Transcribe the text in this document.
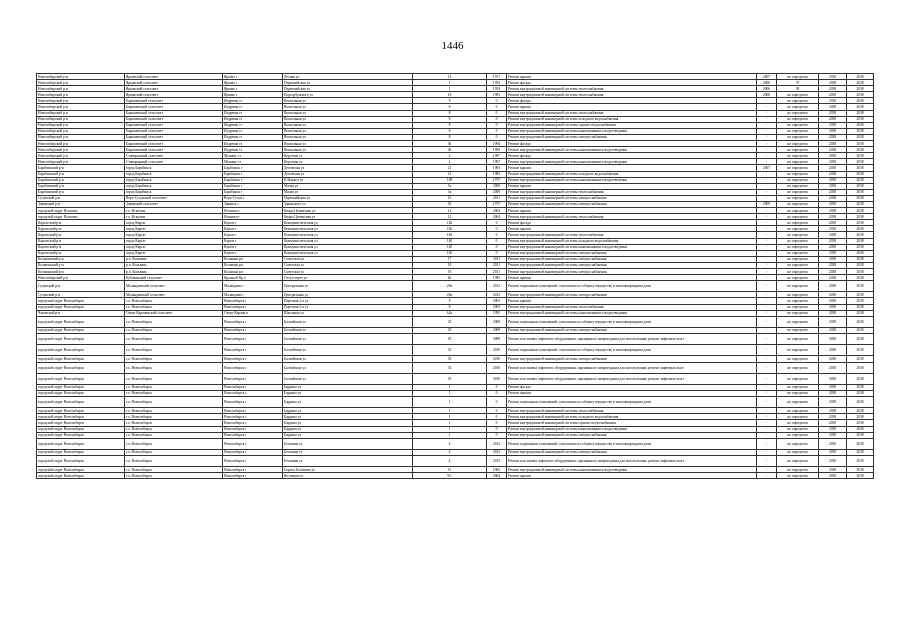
1446
Новосибирский р-н	Ярковский сельсовет	Ярково с	Лесная ул	14	1971	Ремонт крыши	2007	не определен	2038	2038
Новосибирский р-н	Ярковский сельсовет	Ярково с	Первомайская ул	1	1954	Ремонт фасада	2008	70	2038	2038
Новосибирский р-н	Ярковский сельсовет	Ярково с	Первомайская ул	1	1954	Ремонт внутридомовой инженерной системы теплоснабжения	2006	30	2038	2038
Новосибирский р-н	Ярковский сельсовет	Ярково с	Подгорбунского ул	10	1981	Ремонт внутридомовой инженерной системы теплоснабжения	2006	не определен	2038	2038
Новосибирский р-н	Барышевский сельсовет	Издревая ст	Вокзальная ул	8	0	Ремонт фасада	-	не определен	2038	2038
Новосибирский р-н	Барышевский сельсовет	Издревая ст	Вокзальная ул	8	0	Ремонт крыши	-	не определен	2038	2038
Новосибирский р-н	Барышевский сельсовет	Издревая ст	Вокзальная ул	8	0	Ремонт внутридомовой инженерной системы теплоснабжения	-	не определен	2038	2038
Новосибирский р-н	Барышевский сельсовет	Издревая ст	Вокзальная ул	8	0	Ремонт внутридомовой инженерной системы холодного водоснабжения	-	не определен	2038	2038
Новосибирский р-н	Барышевский сельсовет	Издревая ст	Вокзальная ул	8	0	Ремонт внутридомовой инженерной системы горячего водоснабжения	-	не определен	2038	2038
Новосибирский р-н	Барышевский сельсовет	Издревая ст	Вокзальная ул	8	0	Ремонт внутридомовой инженерной системы канализования и водоотведения	-	не определен	2038	2038
Новосибирский р-н	Барышевский сельсовет	Издревая ст	Вокзальная ул	8	0	Ремонт внутридомовой инженерной системы электроснабжения	-	не определен	2038	2038
Новосибирский р-н	Барышевский сельсовет	Издревая ст	Вокзальная ул	36	1994	Ремонт фасада	-	не определен	2038	2038
Новосибирский р-н	Барышевский сельсовет	Издревая ст	Вокзальная ул	36	1994	Ремонт внутридомовой инженерной системы канализования и водоотведения	-	не определен	2038	2038
Новосибирский р-н	Станционный сельсовет	Мочище ст	Короткая ул	2	1997	Ремонт фасада	-	не определен	2038	2038
Новосибирский р-н	Станционный сельсовет	Мочище ст	Короткая ул	2	1997	Ремонт внутридомовой инженерной системы канализования и водоотведения	-	не определен	2038	2038
Барабинский р-н	город Барабинск	Барабинск г	Деповская ул	21	1983	Ремонт крыши	2007	не определен	2038	2038
Барабинский р-н	город Барабинск	Барабинск г	Деповская ул	21	1983	Ремонт внутридомовой инженерной системы холодного водоснабжения	-	не определен	2038	2038
Барабинский р-н	город Барабинск	Барабинск г	К.Маркса ул	108	1975	Ремонт внутридомовой инженерной системы канализования и водоотведения	-	не определен	2038	2038
Барабинский р-н	город Барабинск	Барабинск г	Малая ул	3а	2000	Ремонт крыши	-	не определен	2038	2038
Барабинский р-н	город Барабинск	Барабинск г	Малая ул	3а	2000	Ремонт внутридомовой инженерной системы теплоснабжения	-	не определен	2038	2038
Сузунский р-н	Верх-Сузунский сельсовет	Верх-Сузун с	Первомайская ул	15	2011	Ремонт внутридомовой инженерной системы электроснабжения	-	не определен	2038	2038
Здвинский р-н	Здвинский сельсовет	Здвинск с	Здвинского ул	45	1975	Ремонт внутридомовой инженерной системы электроснабжения	2009	не определен	2038	2038
городской округ Искитим	г.о. Искитим	Искитим г	Кварц Цементная ул	12	2004	Ремонт крыши	-	не определен	2038	2038
городской округ Искитим	г.о. Искитим	Искитим г	Кварц Цементная ул	12	2004	Ремонт внутридомовой инженерной системы теплоснабжения	-	не определен	2038	2038
Каргатский р-н	город Каргат	Каргат г	Коммунистическая ул	140	0	Ремонт фасада	-	не определен	2038	2038
Каргатский р-н	город Каргат	Каргат г	Коммунистическая ул	140	0	Ремонт крыши	-	не определен	2038	2038
Каргатский р-н	город Каргат	Каргат г	Коммунистическая ул	140	0	Ремонт внутридомовой инженерной системы теплоснабжения	-	не определен	2038	2038
Каргатский р-н	город Каргат	Каргат г	Коммунистическая ул	140	0	Ремонт внутридомовой инженерной системы холодного водоснабжения	-	не определен	2038	2038
Каргатский р-н	город Каргат	Каргат г	Коммунистическая ул	140	0	Ремонт внутридомовой инженерной системы канализования и водоотведения	-	не определен	2038	2038
Каргатский р-н	город Каргат	Каргат г	Коммунистическая ул	140	0	Ремонт внутридомовой инженерной системы электроснабжения	-	не определен	2038	2038
Кольванский р-н	р.п. Кольвань	Кольвань рп	Советская ул	17	2011	Ремонт внутридомовой инженерной системы электроснабжения	-	не определен	2038	2038
Кольванский р-н	р.п. Кольвань	Кольвань рп	Советская ул	18	2011	Ремонт внутридомовой инженерной системы электроснабжения	-	не определен	2038	2038
Кольванский р-н	р.п. Кольвань	Кольвань рп	Советская ул	19	2011	Ремонт внутридомовой инженерной системы электроснабжения	-	не определен	2038	2038
Новосибирский р-н	Кубовинский сельсовет	Красный Яр п	Отсутствует ул	40	1985	Ремонт крыши	-	не определен	2038	2038
Сузунский р-н	Маландинский сельсовет	Маландино с	Центральная ул	20а	2012	Ремонт подвальных помещений, относящихся к общему имуществу в многоквартирном доме	-	не определен	2038	2038
Сузунский р-н	Маландинский сельсовет	Маландино с	Центральная ул	20а	2012	Ремонт внутридомовой инженерной системы электроснабжения	-	не определен	2038	2038
городской округ Новосибирск	г.о. Новосибирск	Новосибирск г	Портовая 2-я ул	8	2003	Ремонт крыши	-	не определен	2038	2038
городской округ Новосибирск	г.о. Новосибирск	Новосибирск г	Портовая 2-я ул	8	2003	Ремонт внутридомовой инженерной системы теплоснабжения	-	не определен	2038	2038
Чановский р-н	Озеро-Карачинский сельсовет	Озеро-Карачи п	Школьная ул	62а	1995	Ремонт внутридомовой инженерной системы канализования и водоотведения	-	не определен	2038	2038
городской округ Новосибирск	г.о. Новосибирск	Новосибирск г	Балтийская ул	25	2009	Ремонт подвальных помещений, относящихся к общему имуществу в многоквартирном доме	-	не определен	2038	2038
городской округ Новосибирск	г.о. Новосибирск	Новосибирск г	Балтийская ул	25	2009	Ремонт внутридомовой инженерной системы электроснабжения	-	не определен	2038	2038
городской округ Новосибирск	г.о. Новосибирск	Новосибирск г	Балтийская ул	25	2009	Ремонт или замена лифтового оборудования, признанного непригодным для эксплуатации, ремонт лифтовых шахт	-	не определен	2038	2038
городской округ Новосибирск	г.о. Новосибирск	Новосибирск г	Балтийская ул	33	2010	Ремонт подвальных помещений, относящихся к общему имуществу в многоквартирном доме	-	не определен	2038	2038
городской округ Новосибирск	г.о. Новосибирск	Новосибирск г	Балтийская ул	33	2010	Ремонт внутридомовой инженерной системы электроснабжения	-	не определен	2038	2038
городской округ Новосибирск	г.о. Новосибирск	Новосибирск г	Балтийская ул	33	2010	Ремонт или замена лифтового оборудования, признанного непригодным для эксплуатации, ремонт лифтовых шахт	-	не определен	2038	2038
городской округ Новосибирск	г.о. Новосибирск	Новосибирск г	Балтийская ул	35	2010	Ремонт или замена лифтового оборудования, признанного непригодным для эксплуатации, ремонт лифтовых шахт	-	не определен	2038	2038
городской округ Новосибирск	г.о. Новосибирск	Новосибирск г	Бардина ул	1	0	Ремонт фасада	-	не определен	2038	2038
городской округ Новосибирск	г.о. Новосибирск	Новосибирск г	Бардина ул	1	0	Ремонт крыши	-	не определен	2038	2038
городской округ Новосибирск	г.о. Новосибирск	Новосибирск г	Бардина ул	1	0	Ремонт подвальных помещений, относящихся к общему имуществу в многоквартирном доме	-	не определен	2038	2038
городской округ Новосибирск	г.о. Новосибирск	Новосибирск г	Бардина ул	1	0	Ремонт внутридомовой инженерной системы теплоснабжения	-	не определен	2038	2038
городской округ Новосибирск	г.о. Новосибирск	Новосибирск г	Бардина ул	1	0	Ремонт внутридомовой инженерной системы холодного водоснабжения	-	не определен	2038	2038
городской округ Новосибирск	г.о. Новосибирск	Новосибирск г	Бардина ул	1	0	Ремонт внутридомовой инженерной системы горячего водоснабжения	-	не определен	2038	2038
городской округ Новосибирск	г.о. Новосибирск	Новосибирск г	Бардина ул	1	0	Ремонт внутридомовой инженерной системы канализования и водоотведения	-	не определен	2038	2038
городской округ Новосибирск	г.о. Новосибирск	Новосибирск г	Бардина ул	1	0	Ремонт внутридомовой инженерной системы электроснабжения	-	не определен	2038	2038
городской округ Новосибирск	г.о. Новосибирск	Новосибирск г	Бетонная ул	4	2012	Ремонт подвальных помещений, относящихся к общему имуществу в многоквартирном доме	-	не определен	2038	2038
городской округ Новосибирск	г.о. Новосибирск	Новосибирск г	Бетонная ул	4	2012	Ремонт внутридомовой инженерной системы электроснабжения	-	не определен	2038	2038
городской округ Новосибирск	г.о. Новосибирск	Новосибирск г	Бетонная ул	4	2012	Ремонт или замена лифтового оборудования, признанного непригодным для эксплуатации, ремонт лифтовых шахт	-	не определен	2038	2038
городской округ Новосибирск	г.о. Новосибирск	Новосибирск г	Бориса Богаткова ул	15	1963	Ремонт внутридомовой инженерной системы канализования и водоотведения	-	не определен	2038	2038
городской округ Новосибирск	г.о. Новосибирск	Новосибирск г	Весенняя ул	9/1	2004	Ремонт крыши	-	не определен	2038	2038
